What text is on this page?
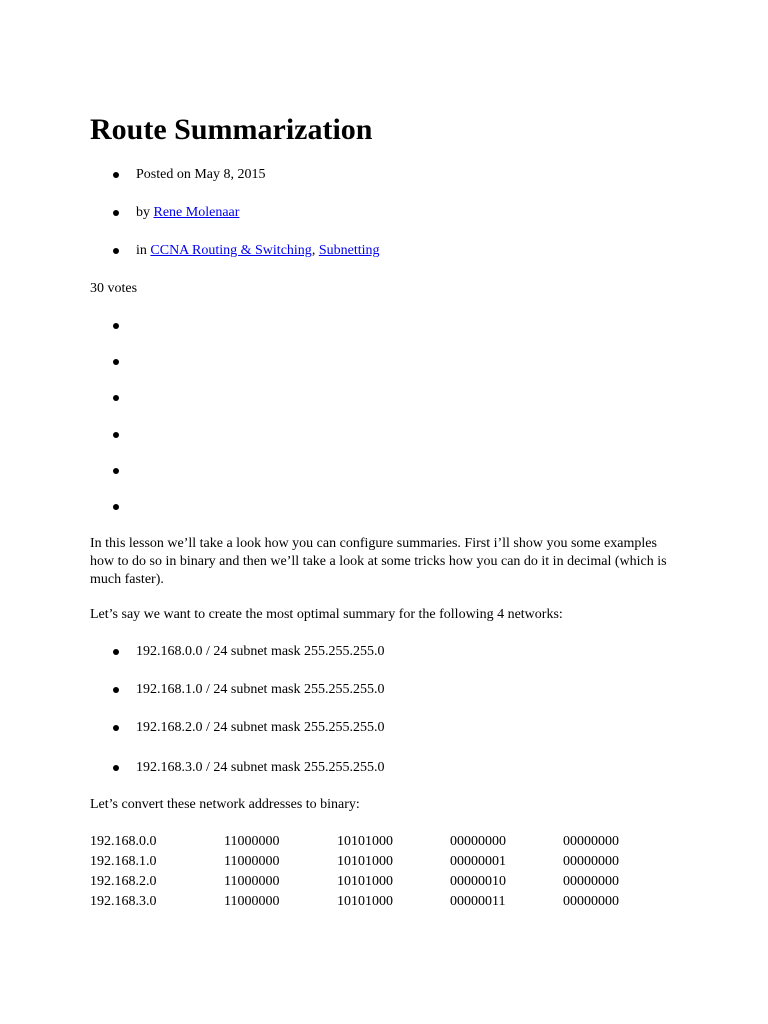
Route Summarization
Posted on May 8, 2015
by Rene Molenaar
in CCNA Routing & Switching, Subnetting

30 votes

In this lesson we’ll take a look how you can configure summaries. First i’ll show you some examples how to do so in binary and then we’ll take a look at some tricks how you can do it in decimal (which is much faster).

Let’s say we want to create the most optimal summary for the following 4 networks:

192.168.0.0 / 24 subnet mask 255.255.255.0
192.168.1.0 / 24 subnet mask 255.255.255.0
192.168.2.0 / 24 subnet mask 255.255.255.0
192.168.3.0 / 24 subnet mask 255.255.255.0

Let’s convert these network addresses to binary:

192.168.0.0	11000000	10101000	00000000	00000000
192.168.1.0	11000000	10101000	00000001	00000000
192.168.2.0	11000000	10101000	00000010	00000000
192.168.3.0	11000000	10101000	00000011	00000000
